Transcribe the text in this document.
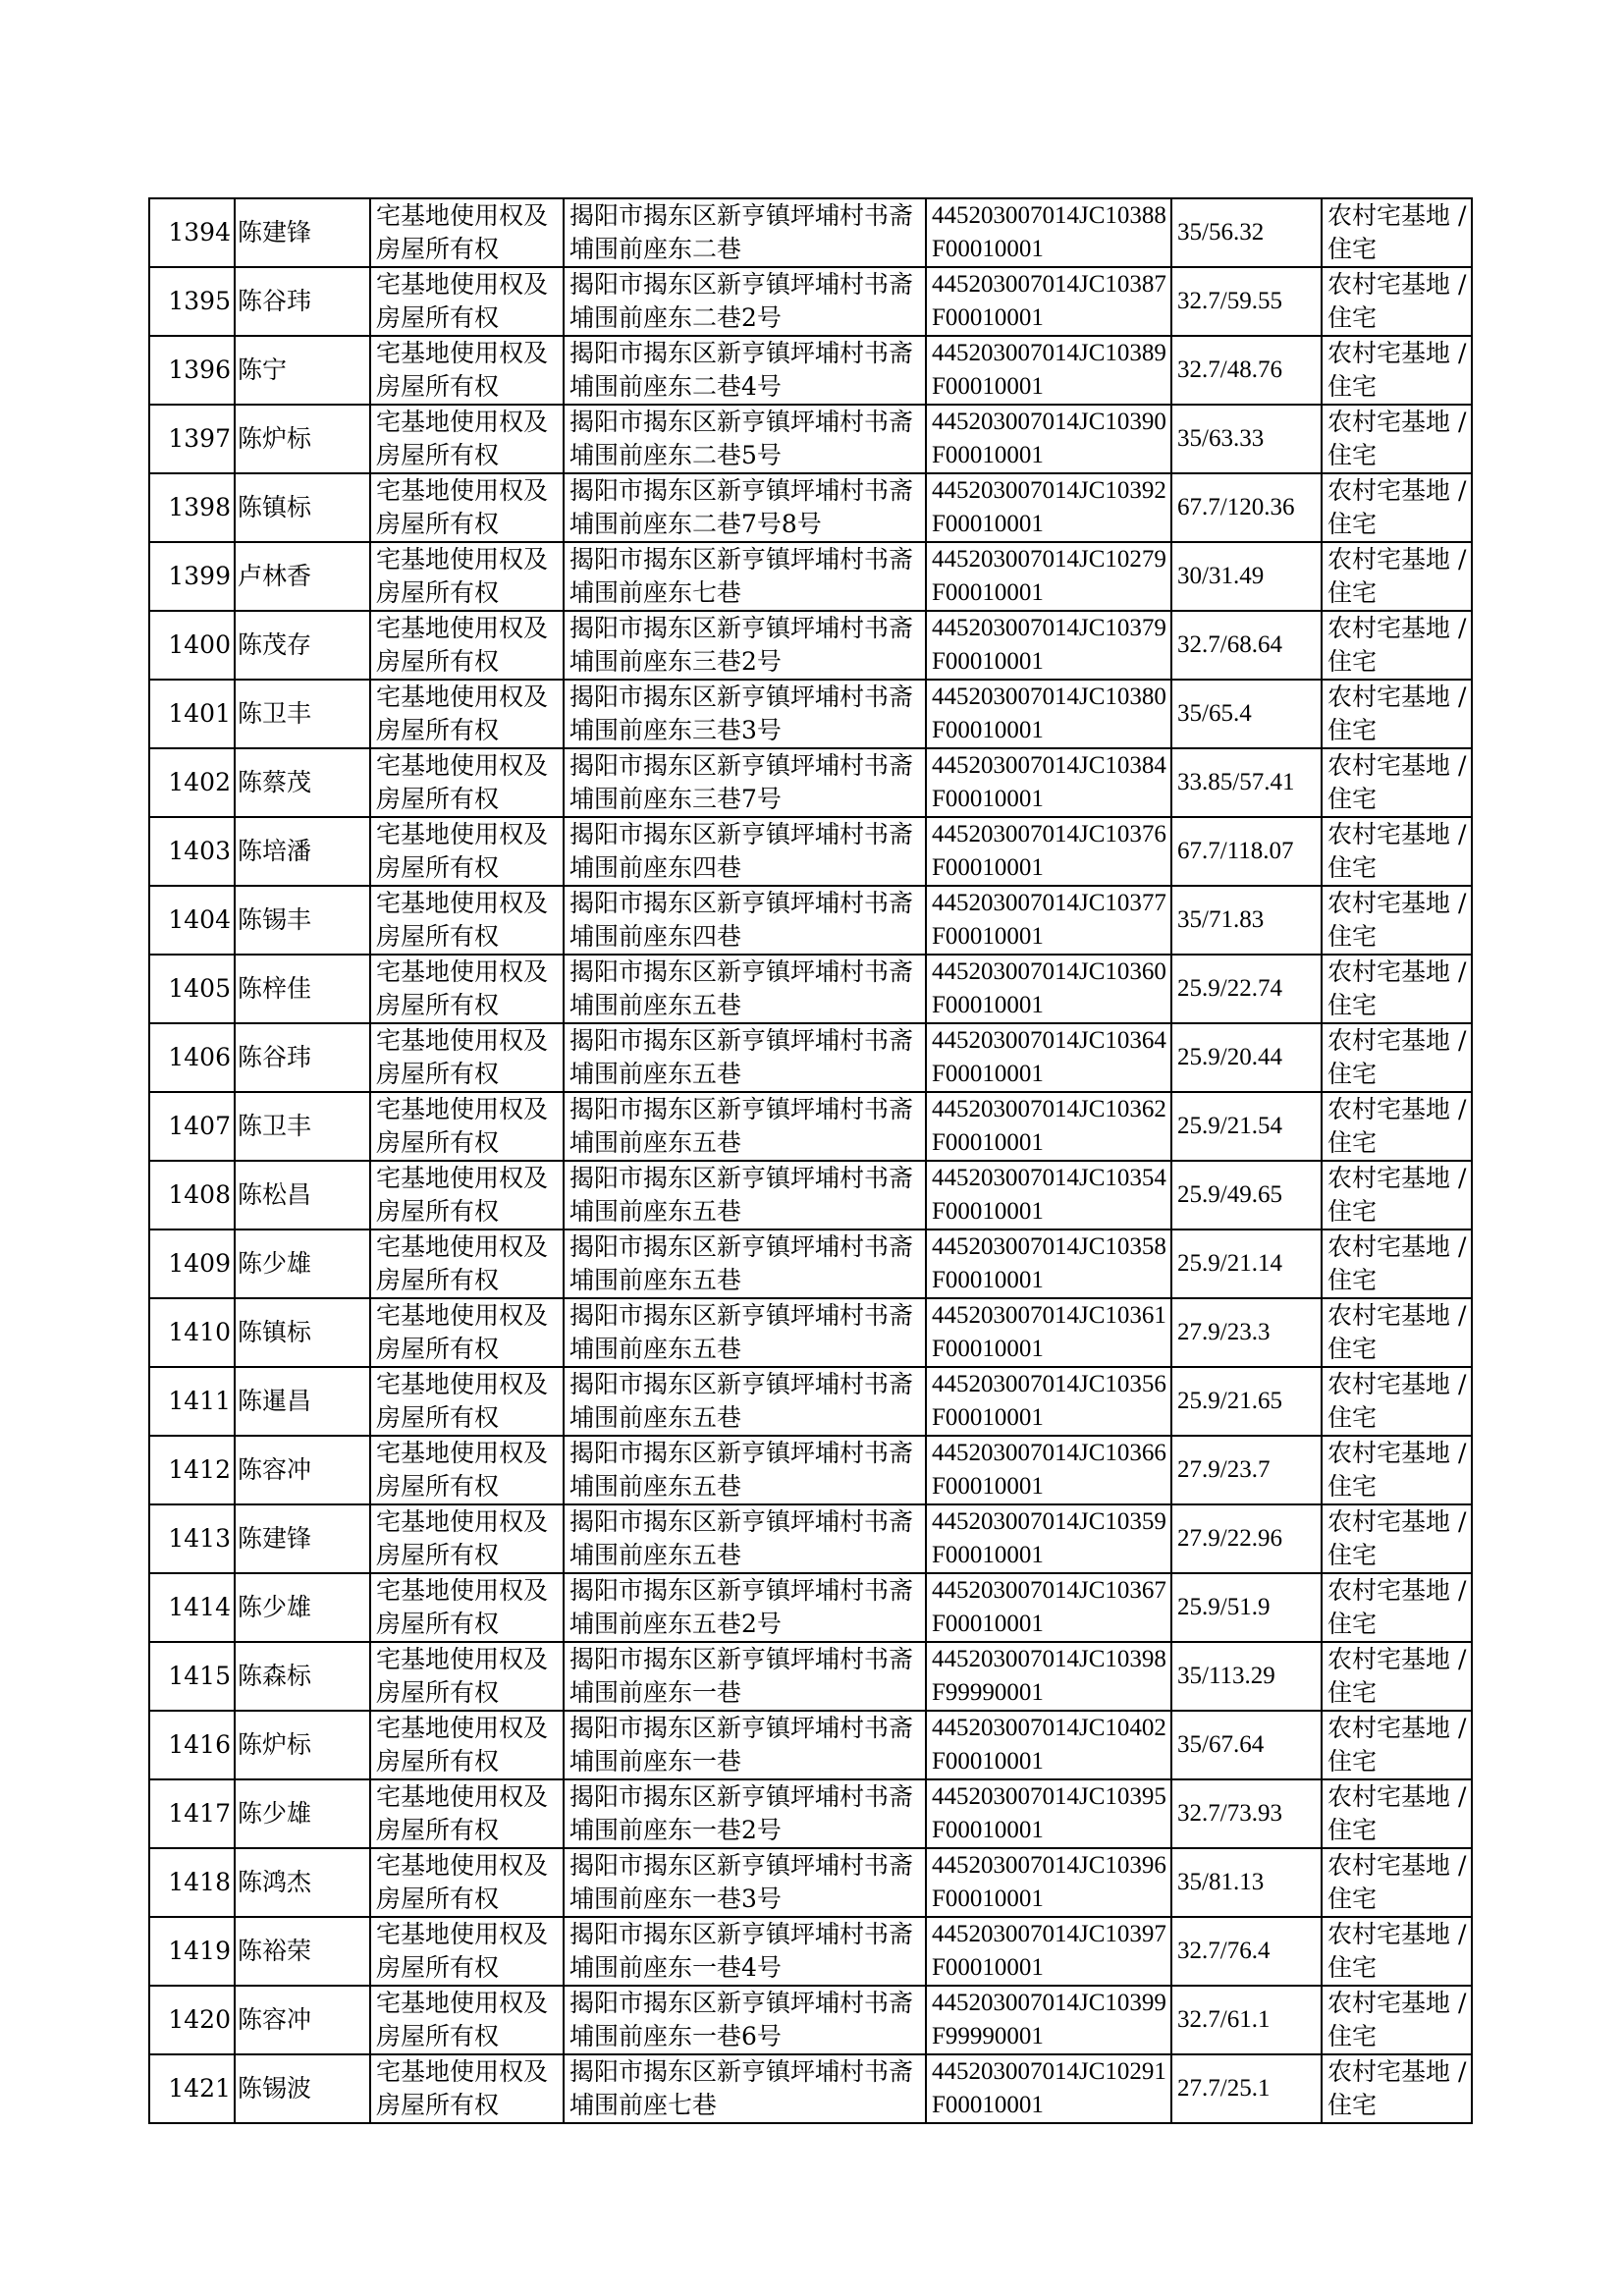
1394	陈建锋	宅基地使用权及房屋所有权	揭阳市揭东区新亨镇坪埔村书斋埔围前座东二巷	445203007014JC10388F00010001	35/56.32	农村宅基地 / 住宅

1395	陈谷玮	宅基地使用权及房屋所有权	揭阳市揭东区新亨镇坪埔村书斋埔围前座东二巷2号	445203007014JC10387F00010001	32.7/59.55	农村宅基地 / 住宅

1396	陈宁	宅基地使用权及房屋所有权	揭阳市揭东区新亨镇坪埔村书斋埔围前座东二巷4号	445203007014JC10389F00010001	32.7/48.76	农村宅基地 / 住宅

1397	陈炉标	宅基地使用权及房屋所有权	揭阳市揭东区新亨镇坪埔村书斋埔围前座东二巷5号	445203007014JC10390F00010001	35/63.33	农村宅基地 / 住宅

1398	陈镇标	宅基地使用权及房屋所有权	揭阳市揭东区新亨镇坪埔村书斋埔围前座东二巷7号8号	445203007014JC10392F00010001	67.7/120.36	农村宅基地 / 住宅

1399	卢林香	宅基地使用权及房屋所有权	揭阳市揭东区新亨镇坪埔村书斋埔围前座东七巷	445203007014JC10279F00010001	30/31.49	农村宅基地 / 住宅

1400	陈茂存	宅基地使用权及房屋所有权	揭阳市揭东区新亨镇坪埔村书斋埔围前座东三巷2号	445203007014JC10379F00010001	32.7/68.64	农村宅基地 / 住宅

1401	陈卫丰	宅基地使用权及房屋所有权	揭阳市揭东区新亨镇坪埔村书斋埔围前座东三巷3号	445203007014JC10380F00010001	35/65.4	农村宅基地 / 住宅

1402	陈蔡茂	宅基地使用权及房屋所有权	揭阳市揭东区新亨镇坪埔村书斋埔围前座东三巷7号	445203007014JC10384F00010001	33.85/57.41	农村宅基地 / 住宅

1403	陈培潘	宅基地使用权及房屋所有权	揭阳市揭东区新亨镇坪埔村书斋埔围前座东四巷	445203007014JC10376F00010001	67.7/118.07	农村宅基地 / 住宅

1404	陈锡丰	宅基地使用权及房屋所有权	揭阳市揭东区新亨镇坪埔村书斋埔围前座东四巷	445203007014JC10377F00010001	35/71.83	农村宅基地 / 住宅

1405	陈梓佳	宅基地使用权及房屋所有权	揭阳市揭东区新亨镇坪埔村书斋埔围前座东五巷	445203007014JC10360F00010001	25.9/22.74	农村宅基地 / 住宅

1406	陈谷玮	宅基地使用权及房屋所有权	揭阳市揭东区新亨镇坪埔村书斋埔围前座东五巷	445203007014JC10364F00010001	25.9/20.44	农村宅基地 / 住宅

1407	陈卫丰	宅基地使用权及房屋所有权	揭阳市揭东区新亨镇坪埔村书斋埔围前座东五巷	445203007014JC10362F00010001	25.9/21.54	农村宅基地 / 住宅

1408	陈松昌	宅基地使用权及房屋所有权	揭阳市揭东区新亨镇坪埔村书斋埔围前座东五巷	445203007014JC10354F00010001	25.9/49.65	农村宅基地 / 住宅

1409	陈少雄	宅基地使用权及房屋所有权	揭阳市揭东区新亨镇坪埔村书斋埔围前座东五巷	445203007014JC10358F00010001	25.9/21.14	农村宅基地 / 住宅

1410	陈镇标	宅基地使用权及房屋所有权	揭阳市揭东区新亨镇坪埔村书斋埔围前座东五巷	445203007014JC10361F00010001	27.9/23.3	农村宅基地 / 住宅

1411	陈暹昌	宅基地使用权及房屋所有权	揭阳市揭东区新亨镇坪埔村书斋埔围前座东五巷	445203007014JC10356F00010001	25.9/21.65	农村宅基地 / 住宅

1412	陈容冲	宅基地使用权及房屋所有权	揭阳市揭东区新亨镇坪埔村书斋埔围前座东五巷	445203007014JC10366F00010001	27.9/23.7	农村宅基地 / 住宅

1413	陈建锋	宅基地使用权及房屋所有权	揭阳市揭东区新亨镇坪埔村书斋埔围前座东五巷	445203007014JC10359F00010001	27.9/22.96	农村宅基地 / 住宅

1414	陈少雄	宅基地使用权及房屋所有权	揭阳市揭东区新亨镇坪埔村书斋埔围前座东五巷2号	445203007014JC10367F00010001	25.9/51.9	农村宅基地 / 住宅

1415	陈森标	宅基地使用权及房屋所有权	揭阳市揭东区新亨镇坪埔村书斋埔围前座东一巷	445203007014JC10398F99990001	35/113.29	农村宅基地 / 住宅

1416	陈炉标	宅基地使用权及房屋所有权	揭阳市揭东区新亨镇坪埔村书斋埔围前座东一巷	445203007014JC10402F00010001	35/67.64	农村宅基地 / 住宅

1417	陈少雄	宅基地使用权及房屋所有权	揭阳市揭东区新亨镇坪埔村书斋埔围前座东一巷2号	445203007014JC10395F00010001	32.7/73.93	农村宅基地 / 住宅

1418	陈鸿杰	宅基地使用权及房屋所有权	揭阳市揭东区新亨镇坪埔村书斋埔围前座东一巷3号	445203007014JC10396F00010001	35/81.13	农村宅基地 / 住宅

1419	陈裕荣	宅基地使用权及房屋所有权	揭阳市揭东区新亨镇坪埔村书斋埔围前座东一巷4号	445203007014JC10397F00010001	32.7/76.4	农村宅基地 / 住宅

1420	陈容冲	宅基地使用权及房屋所有权	揭阳市揭东区新亨镇坪埔村书斋埔围前座东一巷6号	445203007014JC10399F99990001	32.7/61.1	农村宅基地 / 住宅

1421	陈锡波	宅基地使用权及房屋所有权	揭阳市揭东区新亨镇坪埔村书斋埔围前座七巷	445203007014JC10291F00010001	27.7/25.1	农村宅基地 / 住宅
